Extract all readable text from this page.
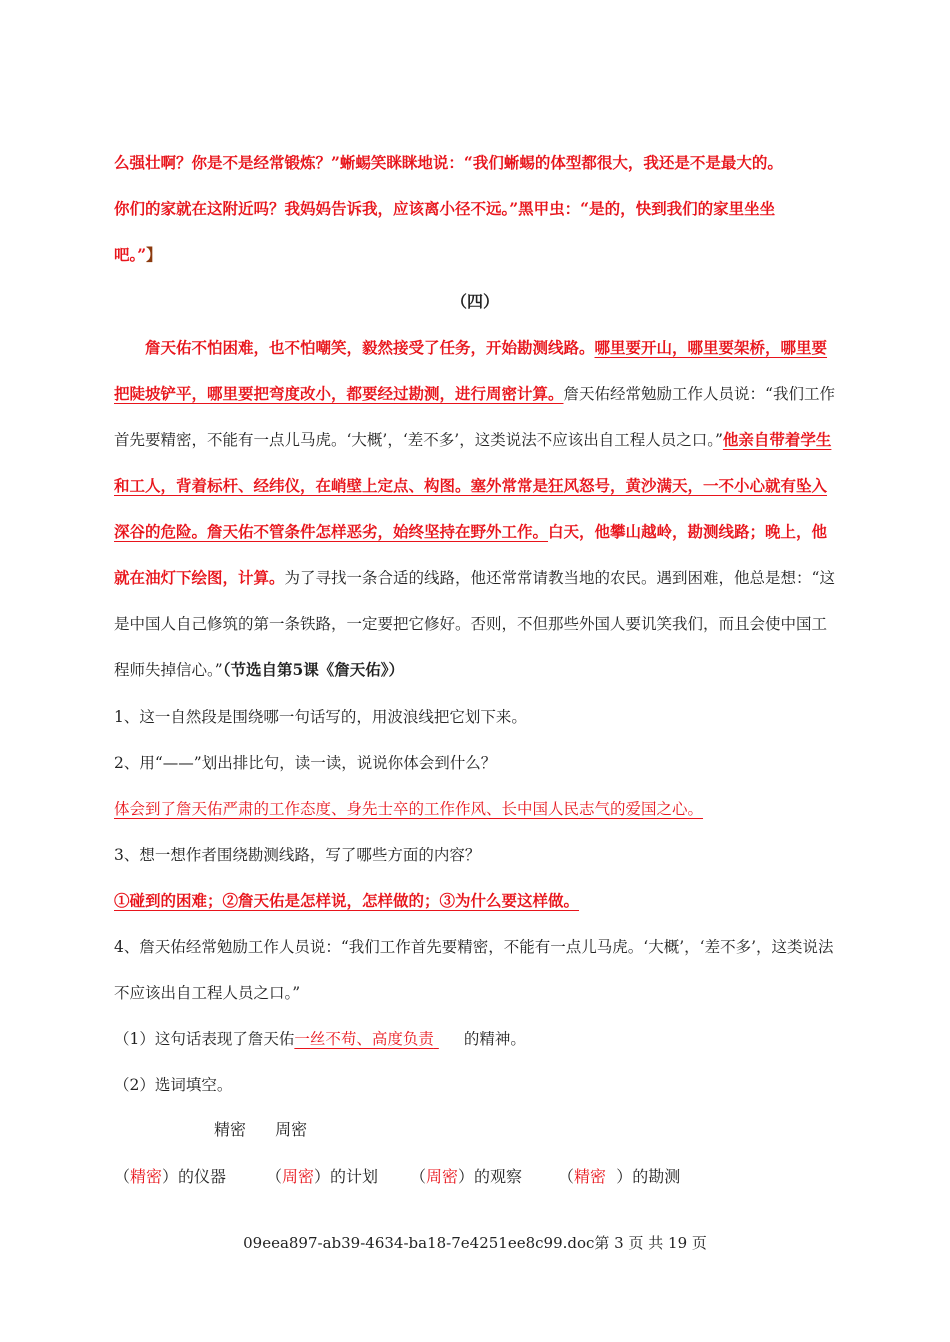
么强壮啊？你是不是经常锻炼？”蜥蜴笑眯眯地说：“我们蜥蜴的体型都很大，我还是不是最大的。
你们的家就在这附近吗？我妈妈告诉我，应该离小径不远。”黑甲虫：“是的，快到我们的家里坐坐
吧。”】

（四）

詹天佑不怕困难，也不怕嘲笑，毅然接受了任务，开始勘测线路。哪里要开山，哪里要架桥，哪里要把陡坡铲平，哪里要把弯度改小，都要经过勘测，进行周密计算。詹天佑经常勉励工作人员说：“我们工作首先要精密，不能有一点儿马虎。‘大概’，‘差不多’，这类说法不应该出自工程人员之口。”他亲自带着学生和工人，背着标杆、经纬仪，在峭壁上定点、构图。塞外常常是狂风怒号，黄沙满天，一不小心就有坠入深谷的危险。詹天佑不管条件怎样恶劣，始终坚持在野外工作。白天，他攀山越岭，勘测线路；晚上，他就在油灯下绘图，计算。为了寻找一条合适的线路，他还常常请教当地的农民。遇到困难，他总是想：“这是中国人自己修筑的第一条铁路，一定要把它修好。否则，不但那些外国人要讥笑我们，而且会使中国工程师失掉信心。”（节选自第5课《詹天佑》）

1、这一自然段是围绕哪一句话写的，用波浪线把它划下来。

2、用“——”划出排比句，读一读，说说你体会到什么？

体会到了詹天佑严肃的工作态度、身先士卒的工作作风、长中国人民志气的爱国之心。

3、想一想作者围绕勘测线路，写了哪些方面的内容？

①碰到的困难；②詹天佑是怎样说，怎样做的；③为什么要这样做。

4、詹天佑经常勉励工作人员说：“我们工作首先要精密，不能有一点儿马虎。‘大概’，‘差不多’，这类说法不应该出自工程人员之口。”

（1）这句话表现了詹天佑一丝不苟、高度负责 的精神。

（2）选词填空。

精密 周密
（精密）的仪器 （周密）的计划 （周密）的观察 （精密  ）的勘测
09eea897-ab39-4634-ba18-7e4251ee8c99.doc第 3 页 共 19 页
